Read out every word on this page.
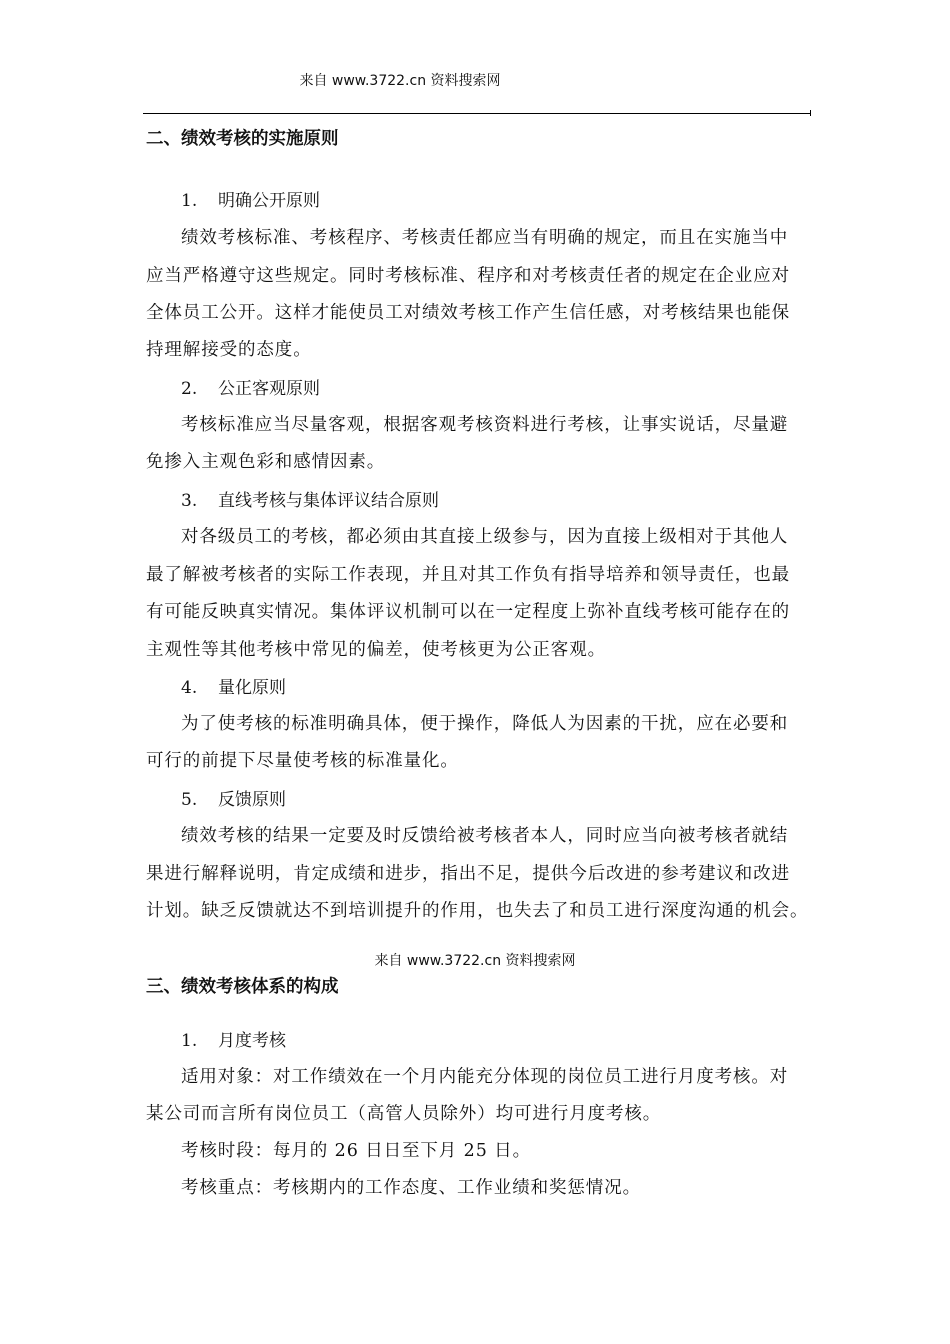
来自 www.3722.cn 资料搜索网
二、绩效考核的实施原则
1. 明确公开原则
绩效考核标准、考核程序、考核责任都应当有明确的规定，而且在实施当中
应当严格遵守这些规定。同时考核标准、程序和对考核责任者的规定在企业应对
全体员工公开。这样才能使员工对绩效考核工作产生信任感，对考核结果也能保
持理解接受的态度。
2. 公正客观原则
考核标准应当尽量客观，根据客观考核资料进行考核，让事实说话，尽量避
免掺入主观色彩和感情因素。
3. 直线考核与集体评议结合原则
对各级员工的考核，都必须由其直接上级参与，因为直接上级相对于其他人
最了解被考核者的实际工作表现，并且对其工作负有指导培养和领导责任，也最
有可能反映真实情况。集体评议机制可以在一定程度上弥补直线考核可能存在的
主观性等其他考核中常见的偏差，使考核更为公正客观。
4. 量化原则
为了使考核的标准明确具体，便于操作，降低人为因素的干扰，应在必要和
可行的前提下尽量使考核的标准量化。
5. 反馈原则
绩效考核的结果一定要及时反馈给被考核者本人，同时应当向被考核者就结
果进行解释说明，肯定成绩和进步，指出不足，提供今后改进的参考建议和改进
计划。缺乏反馈就达不到培训提升的作用，也失去了和员工进行深度沟通的机会。
来自 www.3722.cn 资料搜索网
三、绩效考核体系的构成
1. 月度考核
适用对象：对工作绩效在一个月内能充分体现的岗位员工进行月度考核。对
某公司而言所有岗位员工（高管人员除外）均可进行月度考核。
考核时段：每月的 26 日日至下月 25 日。
考核重点：考核期内的工作态度、工作业绩和奖惩情况。
